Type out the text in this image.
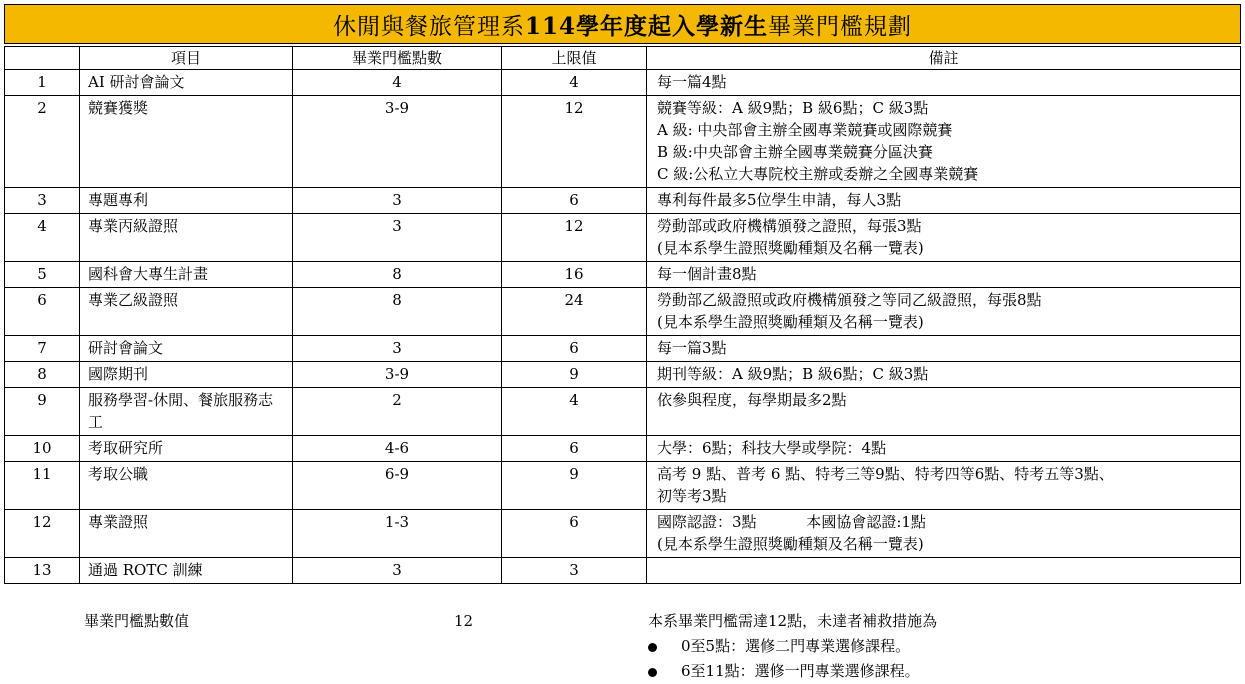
休閒與餐旅管理系 114學年度起入學新生 畢業門檻規劃
	項目	畢業門檻點數	上限值	備註
1	AI 研討會論文	4	4	每一篇4點

2	競賽獲獎	3-9	12	競賽等級：A 級9點；B 級6點；C 級3點
A 級: 中央部會主辦全國專業競賽或國際競賽
B 級:中央部會主辦全國專業競賽分區決賽
C 級:公私立大專院校主辦或委辦之全國專業競賽

3	專題專利	3	6	專利每件最多5位學生申請，每人3點

4	專業丙級證照	3	12	勞動部或政府機構頒發之證照，每張3點
(見本系學生證照獎勵種類及名稱一覽表)

5	國科會大專生計畫	8	16	每一個計畫8點

6	專業乙級證照	8	24	勞動部乙級證照或政府機構頒發之等同乙級證照，每張8點
(見本系學生證照獎勵種類及名稱一覽表)

7	研討會論文	3	6	每一篇3點

8	國際期刊	3-9	9	期刊等級：A 級9點；B 級6點；C 級3點

9	服務學習-休閒、餐旅服務志工	2	4	依參與程度，每學期最多2點

10	考取研究所	4-6	6	大學：6點；科技大學或學院：4點

11	考取公職	6-9	9	高考 9 點、普考 6 點、特考三等9點、特考四等6點、特考五等3點、
初等考3點

12	專業證照	1-3	6	國際認證：3點　　　 本國協會認證:1點
(見本系學生證照獎勵種類及名稱一覽表)

13	通過 ROTC 訓練	3	3	

畢業門檻點數值	12	本系畢業門檻需達12點，未達者補救措施為
0至5點：選修二門專業選修課程。
6至11點：選修一門專業選修課程。
